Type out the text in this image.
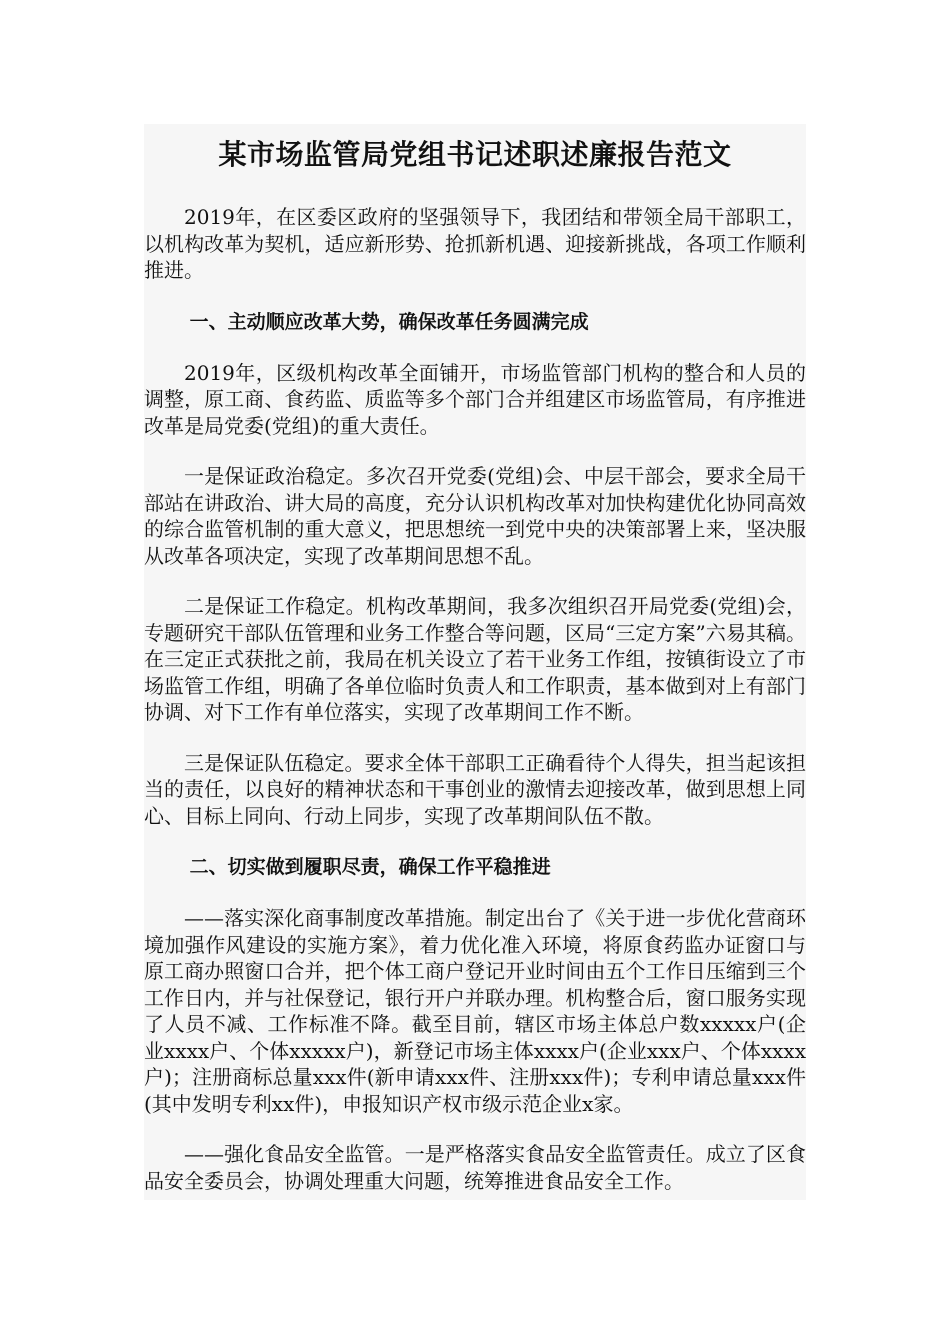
某市场监管局党组书记述职述廉报告范文

2019年，在区委区政府的坚强领导下，我团结和带领全局干部职工，以机构改革为契机，适应新形势、抢抓新机遇、迎接新挑战，各项工作顺利推进。

一、主动顺应改革大势，确保改革任务圆满完成

2019年，区级机构改革全面铺开，市场监管部门机构的整合和人员的调整，原工商、食药监、质监等多个部门合并组建区市场监管局，有序推进改革是局党委(党组)的重大责任。

一是保证政治稳定。多次召开党委(党组)会、中层干部会，要求全局干部站在讲政治、讲大局的高度，充分认识机构改革对加快构建优化协同高效的综合监管机制的重大意义，把思想统一到党中央的决策部署上来，坚决服从改革各项决定，实现了改革期间思想不乱。

二是保证工作稳定。机构改革期间，我多次组织召开局党委(党组)会，专题研究干部队伍管理和业务工作整合等问题，区局“三定方案”六易其稿。在三定正式获批之前，我局在机关设立了若干业务工作组，按镇街设立了市场监管工作组，明确了各单位临时负责人和工作职责，基本做到对上有部门协调、对下工作有单位落实，实现了改革期间工作不断。

三是保证队伍稳定。要求全体干部职工正确看待个人得失，担当起该担当的责任，以良好的精神状态和干事创业的激情去迎接改革，做到思想上同心、目标上同向、行动上同步，实现了改革期间队伍不散。

二、切实做到履职尽责，确保工作平稳推进

——落实深化商事制度改革措施。制定出台了《关于进一步优化营商环境加强作风建设的实施方案》，着力优化准入环境，将原食药监办证窗口与原工商办照窗口合并，把个体工商户登记开业时间由五个工作日压缩到三个工作日内，并与社保登记，银行开户并联办理。机构整合后，窗口服务实现了人员不减、工作标准不降。截至目前，辖区市场主体总户数xxxxx户(企业xxxx户、个体xxxxx户)，新登记市场主体xxxx户(企业xxx户、个体xxxx户)；注册商标总量xxx件(新申请xxx件、注册xxx件)；专利申请总量xxx件(其中发明专利xx件)，申报知识产权市级示范企业x家。

——强化食品安全监管。一是严格落实食品安全监管责任。成立了区食品安全委员会，协调处理重大问题，统筹推进食品安全工作。
